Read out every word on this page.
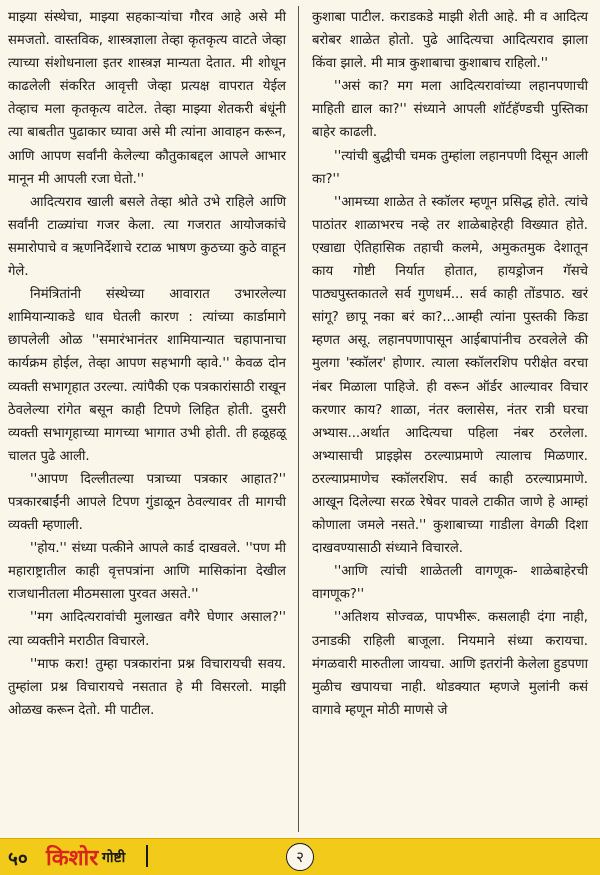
माझ्या संस्थेचा, माझ्या सहकाऱ्यांचा गौरव आहे असे मी समजतो. वास्तविक, शास्त्रज्ञाला तेव्हा कृतकृत्य वाटते जेव्हा त्याच्या संशोधनाला इतर शास्त्रज्ञ मान्यता देतात. मी शोधून काढलेली संकरित आवृत्ती जेव्हा प्रत्यक्ष वापरात येईल तेव्हाच मला कृतकृत्य वाटेल. तेव्हा माझ्या शेतकरी बंधूंनी त्या बाबतीत पुढाकार घ्यावा असे मी त्यांना आवाहन करून, आणि आपण सर्वांनी केलेल्या कौतुकाबद्दल आपले आभार मानून मी आपली रजा घेतो.''

आदित्यराव खाली बसले तेव्हा श्रोते उभे राहिले आणि सर्वांनी टाळ्यांचा गजर केला. त्या गजरात आयोजकांचे समारोपाचे व ऋणनिर्देशाचे रटाळ भाषण कुठच्या कुठे वाहून गेले.

निमंत्रितांनी संस्थेच्या आवारात उभारलेल्या शामियान्याकडे धाव घेतली कारण : त्यांच्या कार्डामागे छापलेली ओळ ''समारंभानंतर शामियान्यात चहापानाचा कार्यक्रम होईल, तेव्हा आपण सहभागी व्हावे.'' केवळ दोन व्यक्ती सभागृहात उरल्या. त्यांपैकी एक पत्रकारांसाठी राखून ठेवलेल्या रांगेत बसून काही टिपणे लिहित होती. दुसरी व्यक्ती सभागृहाच्या मागच्या भागात उभी होती. ती हळूहळू चालत पुढे आली.

''आपण दिल्लीतल्या पत्राच्या पत्रकार आहात?'' पत्रकारबाईंनी आपले टिपण गुंडाळून ठेवल्यावर ती मागची व्यक्ती म्हणाली.

''होय.'' संध्या पत्कीने आपले कार्ड दाखवले. ''पण मी महाराष्ट्रातील काही वृत्तपत्रांना आणि मासिकांना देखील राजधानीतला मीठमसाला पुरवत असते.''

''मग आदित्यरावांची मुलाखत वगैरे घेणार असाल?'' त्या व्यक्तीने मराठीत विचारले.

''माफ करा! तुम्हा पत्रकारांना प्रश्न विचारायची सवय. तुम्हांला प्रश्न विचारायचे नसतात हे मी विसरलो. माझी ओळख करून देतो. मी पाटील.

कुशाबा पाटील. कराडकडे माझी शेती आहे. मी व आदित्य बरोबर शाळेत होतो. पुढे आदित्यचा आदित्यराव झाला किंवा झाले. मी मात्र कुशाबाचा कुशाबाच राहिलो.''

''असं का? मग मला आदित्यरावांच्या लहानपणाची माहिती द्याल का?'' संध्याने आपली शॉर्टहॅण्डची पुस्तिका बाहेर काढली.

''त्यांची बुद्धीची चमक तुम्हांला लहानपणी दिसून आली का?''

''आमच्या शाळेत ते स्कॉलर म्हणून प्रसिद्ध होते. त्यांचे पाठांतर शाळाभरच नव्हे तर शाळेबाहेरही विख्यात होते. एखाद्या ऐतिहासिक तहाची कलमे, अमुकतमुक देशातून काय गोष्टी निर्यात होतात, हायड्रोजन गॅसचे पाठ्यपुस्तकातले सर्व गुणधर्म... सर्व काही तोंडपाठ. खरं सांगू? छापू नका बरं का?...आम्ही त्यांना पुस्तकी किडा म्हणत असू. लहानपणापासून आईबापांनीच ठरवलेले की मुलगा 'स्कॉलर' होणार. त्याला स्कॉलरशिप परीक्षेत वरचा नंबर मिळाला पाहिजे. ही वरून ऑर्डर आल्यावर विचार करणार काय? शाळा, नंतर क्लासेस, नंतर रात्री घरचा अभ्यास...अर्थात आदित्यचा पहिला नंबर ठरलेला. अभ्यासाची प्राइझेस ठरल्याप्रमाणे त्यालाच मिळणार. ठरल्याप्रमाणेच स्कॉलरशिप. सर्व काही ठरल्याप्रमाणे. आखून दिलेल्या सरळ रेषेवर पावले टाकीत जाणे हे आम्हां कोणाला जमले नसते.'' कुशाबाच्या गाडीला वेगळी दिशा दाखवण्यासाठी संध्याने विचारले.

''आणि त्यांची शाळेतली वागणूक- शाळेबाहेरची वागणूक?''

''अतिशय सोज्वळ, पापभीरू. कसलाही दंगा नाही, उनाडकी राहिली बाजूला. नियमाने संध्या करायचा. मंगळवारी मारुतीला जायचा. आणि इतरांनी केलेला हुडपणा मुळीच खपायचा नाही. थोडक्यात म्हणजे मुलांनी कसं वागावे म्हणून मोठी माणसे जे

५० किशोर गोष्टी	२
